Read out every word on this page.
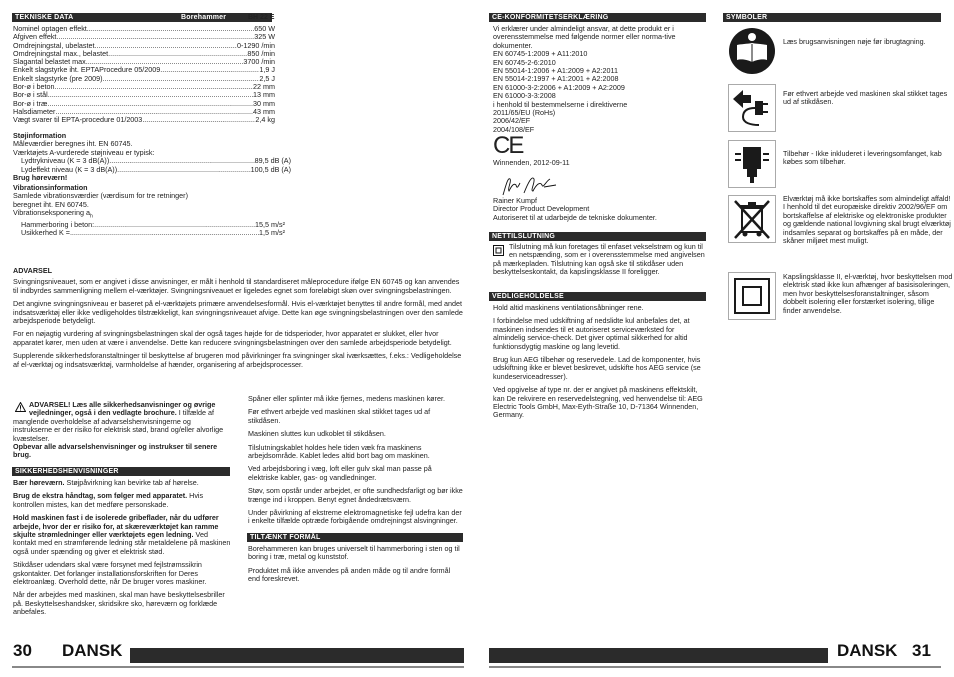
TEKNISKE DATA	Borehammer	BH 22 E
Nominel optagen effekt .....	650 W
Afgiven effekt .....	325 W
Omdrejningstal, ubelastet .....	0-1290 /min
Omdrejningstal max., belastet .....	850 /min
Slagantal belastet max. .....	3700 /min
Enkelt slagstyrke iht. EPTAProcedure 05/2009 .....	1,9 J
Enkelt slagstyrke (pre 2009) .....	2,5 J
Bor-ø i beton .....	22 mm
Bor-ø i stål .....	13 mm
Bor-ø i træ .....	30 mm
Halsdiameter .....	43 mm
Vægt svarer til EPTA-procedure 01/2003 .....	2,4 kg
Støjinformation
Måleværdier beregnes iht. EN 60745.
Værktøjets A-vurderede støjniveau er typisk:
Lydtrykniveau (K = 3 dB(A)) .....	89,5 dB (A)
Lydeffekt niveau (K = 3 dB(A)) .....	100,5 dB (A)
Brug høreværn!
Vibrationsinformation
Samlede vibrationsværdier (værdisum for tre retninger)
beregnet iht. EN 60745.
Vibrationseksponering $a_h$
Hammerboring i beton: .....	15,5 m/s²
Usikkerhed K = .....	1,5 m/s²
ADVARSEL

Svingningsniveauet, som er angivet i disse anvisninger, er målt i henhold til standardiseret måleprocedure ifølge EN 60745 og kan anvendes til indbyrdes sammenligning mellem el-værktøjer. Svingningsniveauet er ligeledes egnet som foreløbigt skøn over svingningsbelastningen.

Det angivne svingningsniveau er baseret på el-værktøjets primære anvendelsesformål. Hvis el-værktøjet benyttes til andre formål, med andet indsatsværktøj eller ikke vedligeholdes tilstrækkeligt, kan svingningsniveauet afvige. Dette kan øge svingningsbelastningen over den samlede arbejdsperiode betydeligt.

For en nøjagtig vurdering af svingningsbelastningen skal der også tages højde for de tidsperioder, hvor apparatet er slukket, eller hvor apparatet kører, men uden at være i anvendelse. Dette kan reducere svingningsbelastningen over den samlede arbejdsperiode betydeligt.

Supplerende sikkerhedsforanstaltninger til beskyttelse af brugeren mod påvirkninger fra svingninger skal iværksættes, f.eks.: Vedligeholdelse af el-værktøj og indsatsværktøj, varmholdelse af hænder, organisering af arbejdsprocesser.

ADVARSEL! Læs alle sikkerhedsanvisninger og øvrige vejledninger, også i den vedlagte brochure. I tilfælde af manglende overholdelse af advarselshenvisningerne og instrukserne er der risiko for elektrisk stød, brand og/eller alvorlige kvæstelser.
Opbevar alle advarselshenvisninger og instrukser til senere brug.
SIKKERHEDSHENVISNINGER

Bær høreværn. Støjpåvirkning kan bevirke tab af hørelse.

Brug de ekstra håndtag, som følger med apparatet. Hvis kontrollen mistes, kan det medføre personskade.

Hold maskinen fast i de isolerede gribeflader, når du udfører arbejde, hvor der er risiko for, at skæreværktøjet kan ramme skjulte strømledninger eller værktøjets egen ledning. Ved kontakt med en strømførende ledning står metaldelene på maskinen også under spænding og giver et elektrisk stød.

Stikdåser udendørs skal være forsynet med fejlstrømssikrin gskontakter. Det forlanger installationsforskriften for Deres elektroanlæg. Overhold dette, når De bruger vores maskiner.

Når der arbejdes med maskinen, skal man have beskyttelsesbriller på. Beskyttelseshandsker, skridsikre sko, høreværn og forklæde anbefales.

Spåner eller splinter må ikke fjernes, medens maskinen kører.

Før ethvert arbejde ved maskinen skal stikket tages ud af stikdåsen.

Maskinen sluttes kun udkoblet til stikdåsen.

Tilslutningskablet holdes hele tiden væk fra maskinens arbejdsområde. Kablet ledes altid bort bag om maskinen.

Ved arbejdsboring i væg, loft eller gulv skal man passe på elektriske kabler, gas- og vandledninger.

Støv, som opstår under arbejdet, er ofte sundhedsfarligt og bør ikke trænge ind i kroppen. Benyt egnet åndedrætsværn.

Under påvirkning af ekstreme elektromagnetiske fejl udefra kan der i enkelte tilfælde optræde forbigående omdrejningst alsvingninger.

TILTÆNKT FORMÅL

Borehammeren kan bruges universelt til hammerboring i sten og til boring i træ, metal og kunststof.

Produktet må ikke anvendes på anden måde og til andre formål end foreskrevet.

30 DANSK
CE-KONFORMITETSERKLÆRING
Vi erklærer under almindeligt ansvar, at dette produkt er i overensstemmelse med følgende normer eller norma-tive dokumenter.
EN 60745-1:2009 + A11:2010
EN 60745-2-6:2010
EN 55014-1:2006 + A1:2009 + A2:2011
EN 55014-2:1997 + A1:2001 + A2:2008
EN 61000-3-2:2006 + A1:2009 + A2:2009
EN 61000-3-3:2008
i henhold til bestemmelserne i direktiverne
2011/65/EU (RoHs)
2006/42/EF
2004/108/EF
CE
Winnenden, 2012-09-11
Rainer Kumpf
Director Product Development
Autoriseret til at udarbejde de tekniske dokumenter.
NETTILSLUTNING
Tilslutning må kun foretages til enfaset vekselstrøm og kun til en netspænding, som er i overensstemmelse med angivelsen på mærkepladen. Tilslutning kan også ske til stikdåser uden beskyttelseskontakt, da kapslingsklasse II foreligger.
VEDLIGEHOLDELSE

Hold altid maskinens ventilationsåbninger rene.

I forbindelse med udskiftning af nedslidte kul anbefales det, at maskinen indsendes til et autoriseret serviceværksted for almindelig service-check. Det giver optimal sikkerhed for altid funktionsdygtig maskine og lang levetid.

Brug kun AEG tilbehør og reservedele. Lad de komponenter, hvis udskiftning ikke er blevet beskrevet, udskifte hos AEG service (se kundeserviceadresser).

Ved opgivelse af type nr. der er angivet på maskinens effektskilt, kan De rekvirere en reservedelstegning, ved henvendelse til: AEG Electric Tools GmbH, Max-Eyth-Straße 10, D-71364 Winnenden, Germany.

SYMBOLER
Læs brugsanvisningen nøje før ibrugtagning.
Før ethvert arbejde ved maskinen skal stikket tages ud af stikdåsen.
Tilbehør - Ikke inkluderet i leveringsomfanget, kab købes som tilbehør.
Elværktøj må ikke bortskaffes som almindeligt affald! I henhold til det europæiske direktiv 2002/96/EF om bortskaffelse af elektriske og elektroniske produkter og gældende national lovgivning skal brugt elværktøj indsamles separat og bortskaffes på en måde, der skåner miljøet mest muligt.
Kapslingsklasse II, el-værktøj, hvor beskyttelsen mod elektrisk stød ikke kun afhænger af basisisoleringen, men hvor beskyttelsesforanstaltninger, såsom dobbelt isolering eller forstærket isolering, tillige finder anvendelse.
DANSK 31
